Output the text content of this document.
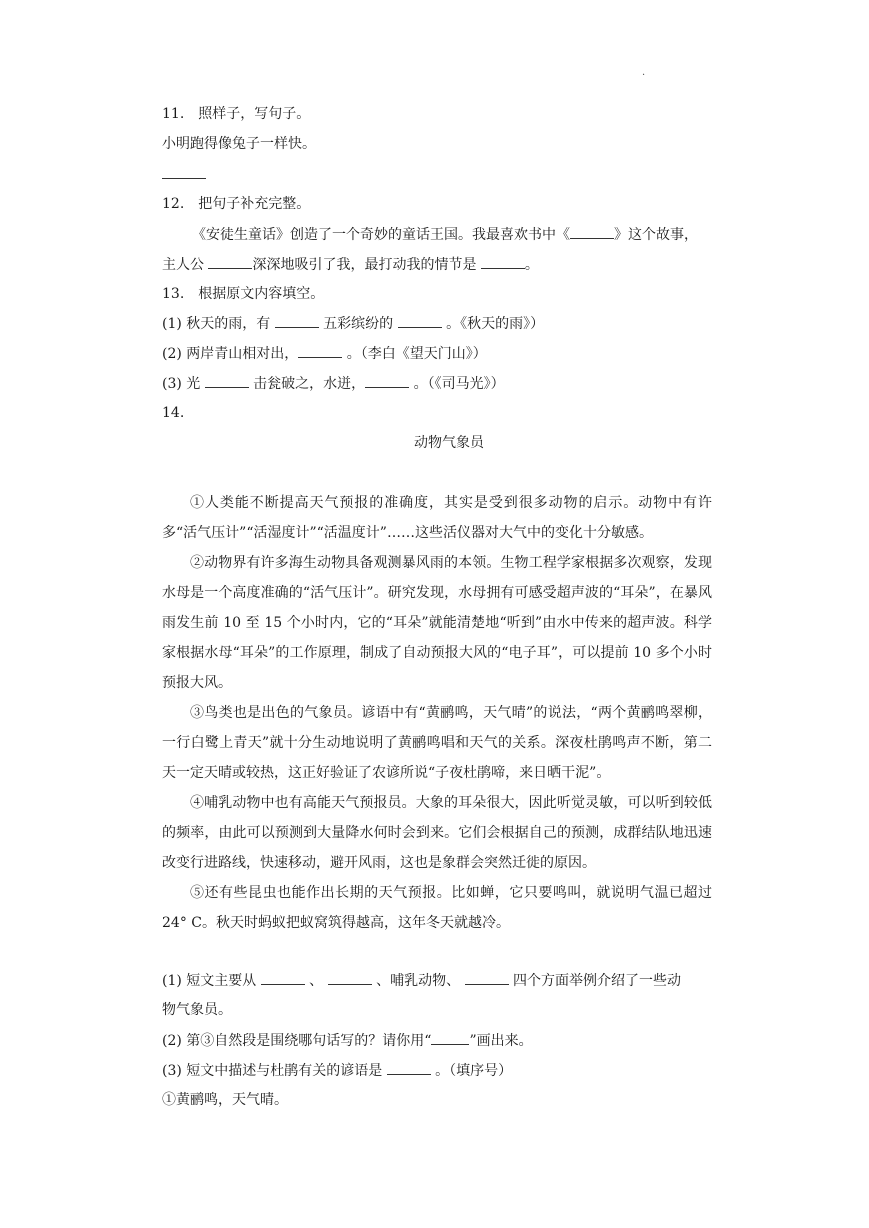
·
11.　照样子，写句子。
小明跑得像兔子一样快。
12.　把句子补充完整。
《安徒生童话》创造了一个奇妙的童话王国。我最喜欢书中《	》这个故事，
主人公	深深地吸引了我，最打动我的情节是	。
13.　根据原文内容填空。
(1) 秋天的雨，有	五彩缤纷的	。《秋天的雨》）
(2) 两岸青山相对出，	。（李白《望天门山》）
(3) 光	击瓮破之，水迸，	。（《司马光》）
14.
动物气象员

①人类能不断提高天气预报的准确度，其实是受到很多动物的启示。动物中有许多“活气压计”“活湿度计”“活温度计”……这些活仪器对大气中的变化十分敏感。

②动物界有许多海生动物具备观测暴风雨的本领。生物工程学家根据多次观察，发现水母是一个高度准确的“活气压计”。研究发现，水母拥有可感受超声波的“耳朵”，在暴风雨发生前 10 至 15 个小时内，它的“耳朵”就能清楚地“听到”由水中传来的超声波。科学家根据水母“耳朵”的工作原理，制成了自动预报大风的“电子耳”，可以提前 10 多个小时预报大风。

③鸟类也是出色的气象员。谚语中有“黄鹂鸣，天气晴”的说法，“两个黄鹂鸣翠柳，一行白鹭上青天”就十分生动地说明了黄鹂鸣唱和天气的关系。深夜杜鹃鸣声不断，第二天一定天晴或较热，这正好验证了农谚所说“子夜杜鹃啼，来日晒干泥”。

④哺乳动物中也有高能天气预报员。大象的耳朵很大，因此听觉灵敏，可以听到较低的频率，由此可以预测到大量降水何时会到来。它们会根据自己的预测，成群结队地迅速改变行进路线，快速移动，避开风雨，这也是象群会突然迁徙的原因。

⑤还有些昆虫也能作出长期的天气预报。比如蝉，它只要鸣叫，就说明气温已超过 24° C。秋天时蚂蚁把蚁窝筑得越高，这年冬天就越冷。

(1) 短文主要从	、	、哺乳动物、	四个方面举例介绍了一些动
物气象员。
(2) 第③自然段是围绕哪句话写的？请你用“	”画出来。
(3) 短文中描述与杜鹃有关的谚语是	。（填序号）
①黄鹂鸣，天气晴。
